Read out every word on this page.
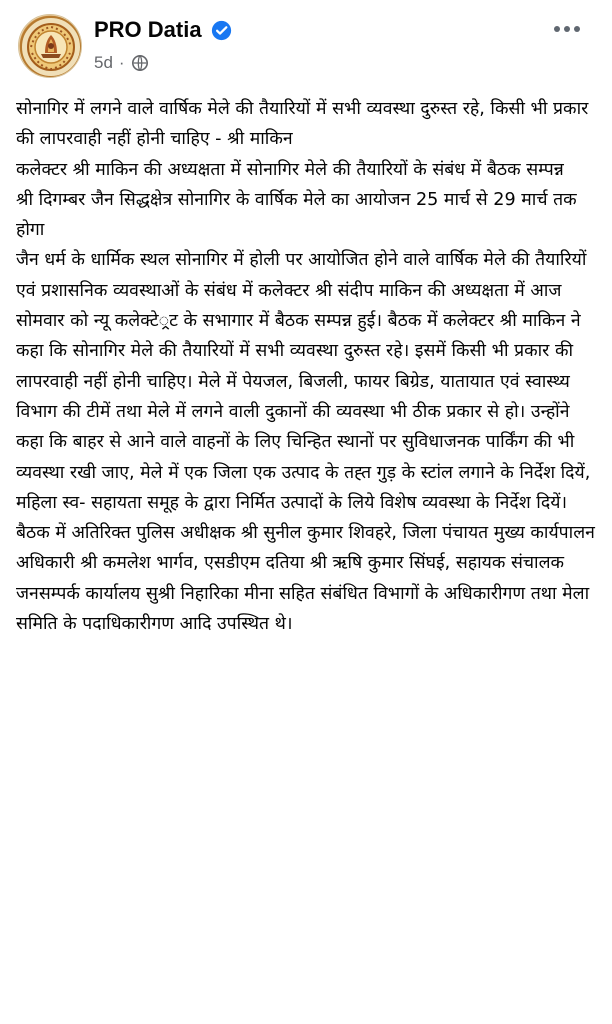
PRO Datia
5d ·

सोनागिर में लगने वाले वार्षिक मेले की तैयारियों में सभी व्यवस्था दुरुस्त रहे, किसी भी प्रकार की लापरवाही नहीं होनी चाहिए - श्री माकिन

कलेक्टर श्री माकिन की अध्यक्षता में सोनागिर मेले की तैयारियों के संबंध में बैठक सम्पन्न

श्री दिगम्बर जैन सिद्धक्षेत्र सोनागिर के वार्षिक मेले का आयोजन 25 मार्च से 29 मार्च तक होगा

जैन धर्म के धार्मिक स्थल सोनागिर में होली पर आयोजित होने वाले वार्षिक मेले की तैयारियों एवं प्रशासनिक व्यवस्थाओं के संबंध में कलेक्टर श्री संदीप माकिन की अध्यक्षता में आज सोमवार को न्यू कलेक्टे‍्रट के सभागार में बैठक सम्पन्न हुई। बैठक में कलेक्टर श्री माकिन ने कहा कि सोनागिर मेले की तैयारियों में सभी व्यवस्था दुरुस्त रहे। इसमें किसी भी प्रकार की लापरवाही नहीं होनी चाहिए। मेले में पेयजल, बिजली, फायर बिग्रेड, यातायात एवं स्वास्थ्य विभाग की टीमें तथा मेले में लगने वाली दुकानों की व्यवस्था भी ठीक प्रकार से हो। उन्होंने कहा कि बाहर से आने वाले वाहनों के लिए चिन्हित स्थानों पर सुविधाजनक पार्किंग की भी व्यवस्था रखी जाए, मेले में एक जिला एक उत्पाद के तह्त गुड़ के स्टांल लगाने के निर्देश दियें, महिला स्व- सहायता समूह के द्वारा निर्मित उत्पादों के लिये विशेष व्यवस्था के निर्देश दियें।

बैठक में अतिरिक्त पुलिस अधीक्षक श्री सुनील कुमार शिवहरे, जिला पंचायत मुख्य कार्यपालन अधिकारी श्री कमलेश भार्गव, एसडीएम दतिया श्री ऋषि कुमार सिंघई, सहायक संचालक जनसम्पर्क कार्यालय सुश्री निहारिका मीना सहित संबंधित विभागों के अधिकारीगण तथा मेला समिति के पदाधिकारीगण आदि उपस्थित थे।
